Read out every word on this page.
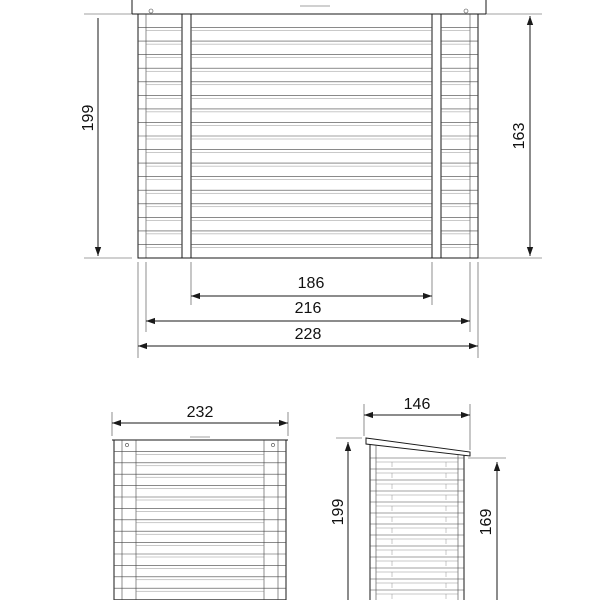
199
163
186
216
228
232	146
199	169
